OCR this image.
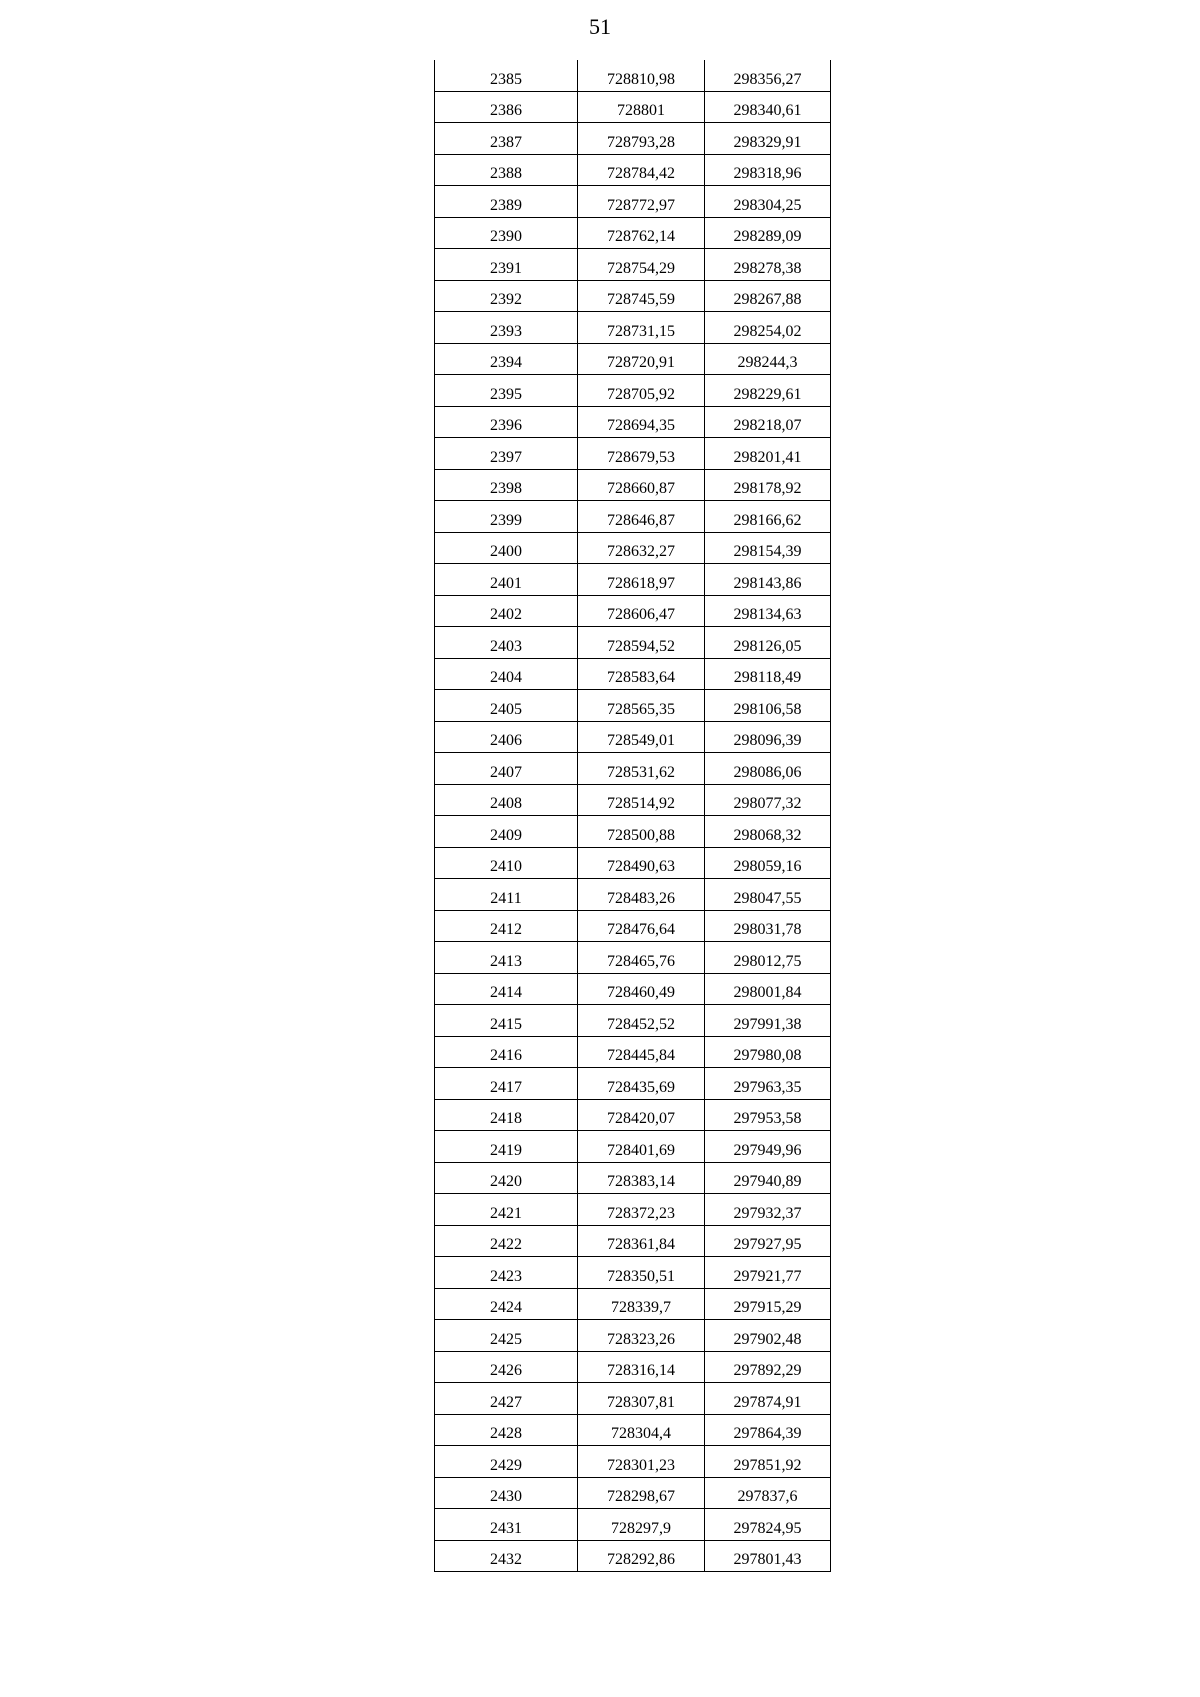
51
2385	728810,98	298356,27
2386	728801	298340,61
2387	728793,28	298329,91
2388	728784,42	298318,96
2389	728772,97	298304,25
2390	728762,14	298289,09
2391	728754,29	298278,38
2392	728745,59	298267,88
2393	728731,15	298254,02
2394	728720,91	298244,3
2395	728705,92	298229,61
2396	728694,35	298218,07
2397	728679,53	298201,41
2398	728660,87	298178,92
2399	728646,87	298166,62
2400	728632,27	298154,39
2401	728618,97	298143,86
2402	728606,47	298134,63
2403	728594,52	298126,05
2404	728583,64	298118,49
2405	728565,35	298106,58
2406	728549,01	298096,39
2407	728531,62	298086,06
2408	728514,92	298077,32
2409	728500,88	298068,32
2410	728490,63	298059,16
2411	728483,26	298047,55
2412	728476,64	298031,78
2413	728465,76	298012,75
2414	728460,49	298001,84
2415	728452,52	297991,38
2416	728445,84	297980,08
2417	728435,69	297963,35
2418	728420,07	297953,58
2419	728401,69	297949,96
2420	728383,14	297940,89
2421	728372,23	297932,37
2422	728361,84	297927,95
2423	728350,51	297921,77
2424	728339,7	297915,29
2425	728323,26	297902,48
2426	728316,14	297892,29
2427	728307,81	297874,91
2428	728304,4	297864,39
2429	728301,23	297851,92
2430	728298,67	297837,6
2431	728297,9	297824,95
2432	728292,86	297801,43
